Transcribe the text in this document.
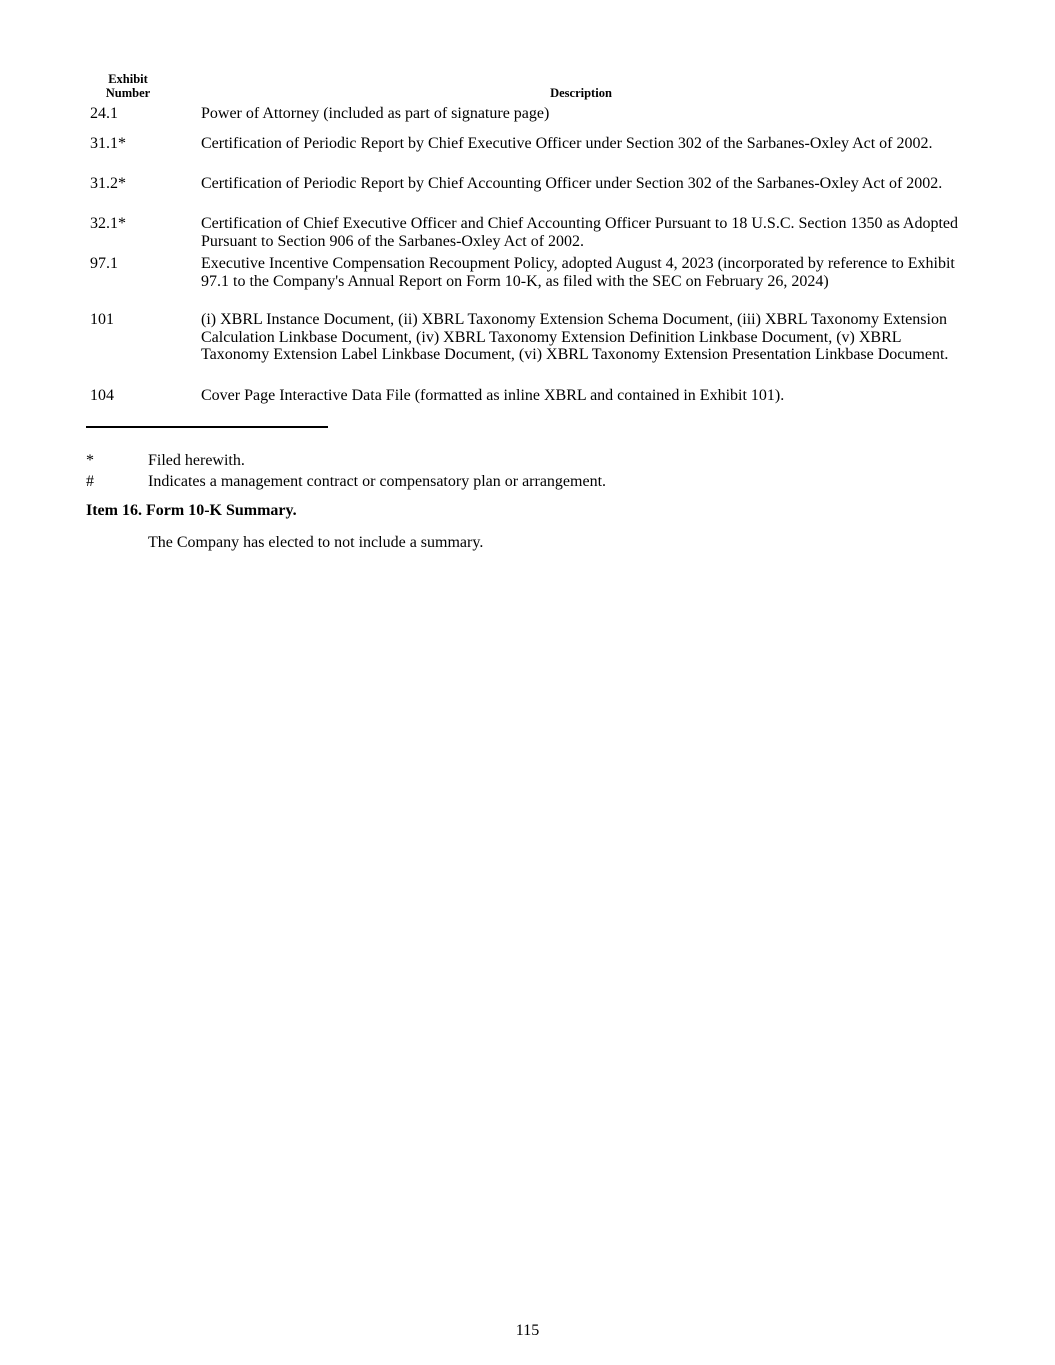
Exhibit
Number	Description
24.1	Power of Attorney (included as part of signature page)
31.1*	Certification of Periodic Report by Chief Executive Officer under Section 302 of the Sarbanes-Oxley Act of 2002.
31.2*	Certification of Periodic Report by Chief Accounting Officer under Section 302 of the Sarbanes-Oxley Act of 2002.
32.1*	Certification of Chief Executive Officer and Chief Accounting Officer Pursuant to 18 U.S.C. Section 1350 as Adopted Pursuant to Section 906 of the Sarbanes-Oxley Act of 2002.
97.1	Executive Incentive Compensation Recoupment Policy, adopted August 4, 2023 (incorporated by reference to Exhibit 97.1 to the Company's Annual Report on Form 10-K, as filed with the SEC on February 26, 2024)
101	(i) XBRL Instance Document, (ii) XBRL Taxonomy Extension Schema Document, (iii) XBRL Taxonomy Extension Calculation Linkbase Document, (iv) XBRL Taxonomy Extension Definition Linkbase Document, (v) XBRL Taxonomy Extension Label Linkbase Document, (vi) XBRL Taxonomy Extension Presentation Linkbase Document.
104	Cover Page Interactive Data File (formatted as inline XBRL and contained in Exhibit 101).
*	Filed herewith.
#	Indicates a management contract or compensatory plan or arrangement.
Item 16. Form 10-K Summary.
The Company has elected to not include a summary.
115
